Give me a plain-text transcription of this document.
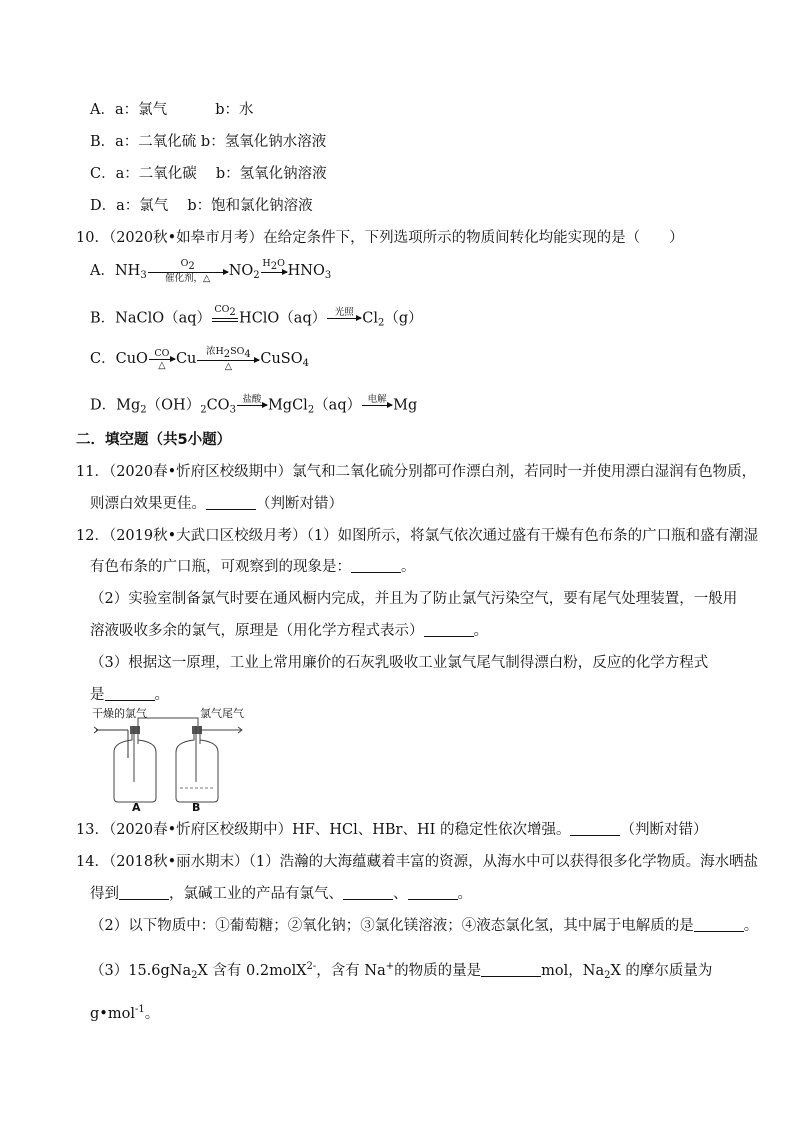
A．a：氯气 　　　b：水
B．a：二氧化硫 b：氢氧化钠水溶液
C．a：二氧化碳 　b：氢氧化钠溶液
D．a：氯气 　b：饱和氯化钠溶液
10．（2020秋•如皋市月考）在给定条件下，下列选项所示的物质间转化均能实现的是（　　）
A．$NH_3$
O2
催化剂，△	$NO_2$
H2O
$HNO_3$
B．NaClO（aq）
CO2
HClO（aq） 光照
$Cl_2(g)$
C．CuO CO
△ Cu	浓H2SO4
△	CuSO$_4$
D．$Mg_2(OH)_2CO_3$
盐酸
MgCl$_2$（aq） 电解
Mg
二．填空题（共5小题）
11．（2020春•忻府区校级期中）氯气和二氧化硫分别都可作漂白剂，若同时一并使用漂白湿润有色物质，
则漂白效果更佳。	（判断对错）
12．（2019秋•大武口区校级月考）（1）如图所示，将氯气依次通过盛有干燥有色布条的广口瓶和盛有潮湿
有色布条的广口瓶，可观察到的现象是：	。
（2）实验室制备氯气时要在通风橱内完成，并且为了防止氯气污染空气，要有尾气处理装置，一般用
溶液吸收多余的氯气，原理是（用化学方程式表示）	。
（3）根据这一原理，工业上常用廉价的石灰乳吸收工业氯气尾气制得漂白粉，反应的化学方程式
是	。
干燥的氯气	氯气尾气
A	B
13．（2020春•忻府区校级期中）HF、HCl、HBr、HI 的稳定性依次增强。	（判断对错）
14．（2018秋•丽水期末）（1）浩瀚的大海蕴藏着丰富的资源，从海水中可以获得很多化学物质。海水晒盐
得到	，氯碱工业的产品有氯气、	、	。
（2）以下物质中：①葡萄糖；②氧化钠；③氯化镁溶液；④液态氯化氢，其中属于电解质的是	。
（3）15.6gNa$_2$X 含有 0.2molX$^{2-}$，含有 Na+的物质的量是	mol，$Na_2X$ 的摩尔质量为
g•mol$^{-1}$。
